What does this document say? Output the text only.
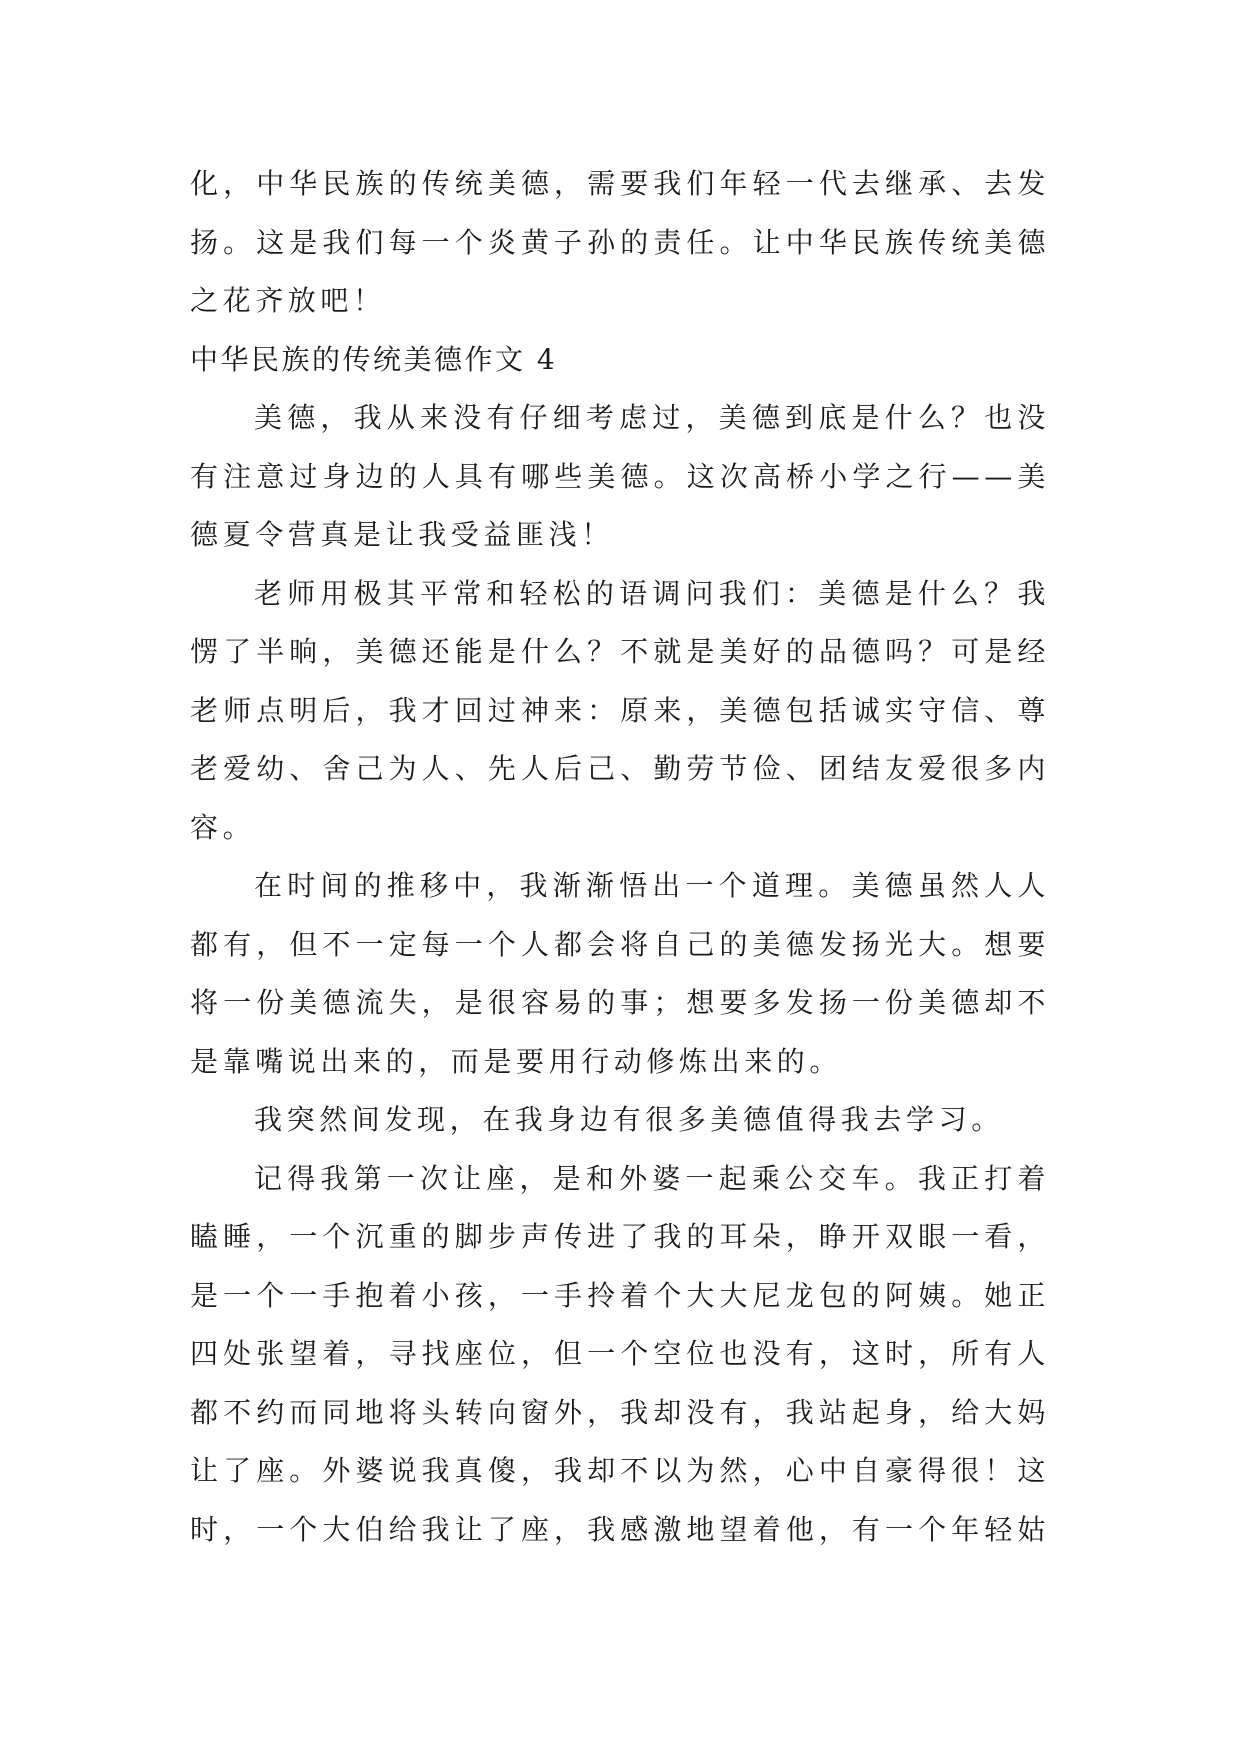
化，中华民族的传统美德，需要我们年轻一代去继承、去发
扬。这是我们每一个炎黄子孙的责任。让中华民族传统美德
之花齐放吧！
中华民族的传统美德作文 4
美德，我从来没有仔细考虑过，美德到底是什么？也没
有注意过身边的人具有哪些美德。这次高桥小学之行——美
德夏令营真是让我受益匪浅！
老师用极其平常和轻松的语调问我们：美德是什么？我
愣了半晌，美德还能是什么？不就是美好的品德吗？可是经
老师点明后，我才回过神来：原来，美德包括诚实守信、尊
老爱幼、舍己为人、先人后己、勤劳节俭、团结友爱很多内
容。
在时间的推移中，我渐渐悟出一个道理。美德虽然人人
都有，但不一定每一个人都会将自己的美德发扬光大。想要
将一份美德流失，是很容易的事；想要多发扬一份美德却不
是靠嘴说出来的，而是要用行动修炼出来的。
我突然间发现，在我身边有很多美德值得我去学习。
记得我第一次让座，是和外婆一起乘公交车。我正打着
瞌睡，一个沉重的脚步声传进了我的耳朵，睁开双眼一看，
是一个一手抱着小孩，一手拎着个大大尼龙包的阿姨。她正
四处张望着，寻找座位，但一个空位也没有，这时，所有人
都不约而同地将头转向窗外，我却没有，我站起身，给大妈
让了座。外婆说我真傻，我却不以为然，心中自豪得很！这
时，一个大伯给我让了座，我感激地望着他，有一个年轻姑
